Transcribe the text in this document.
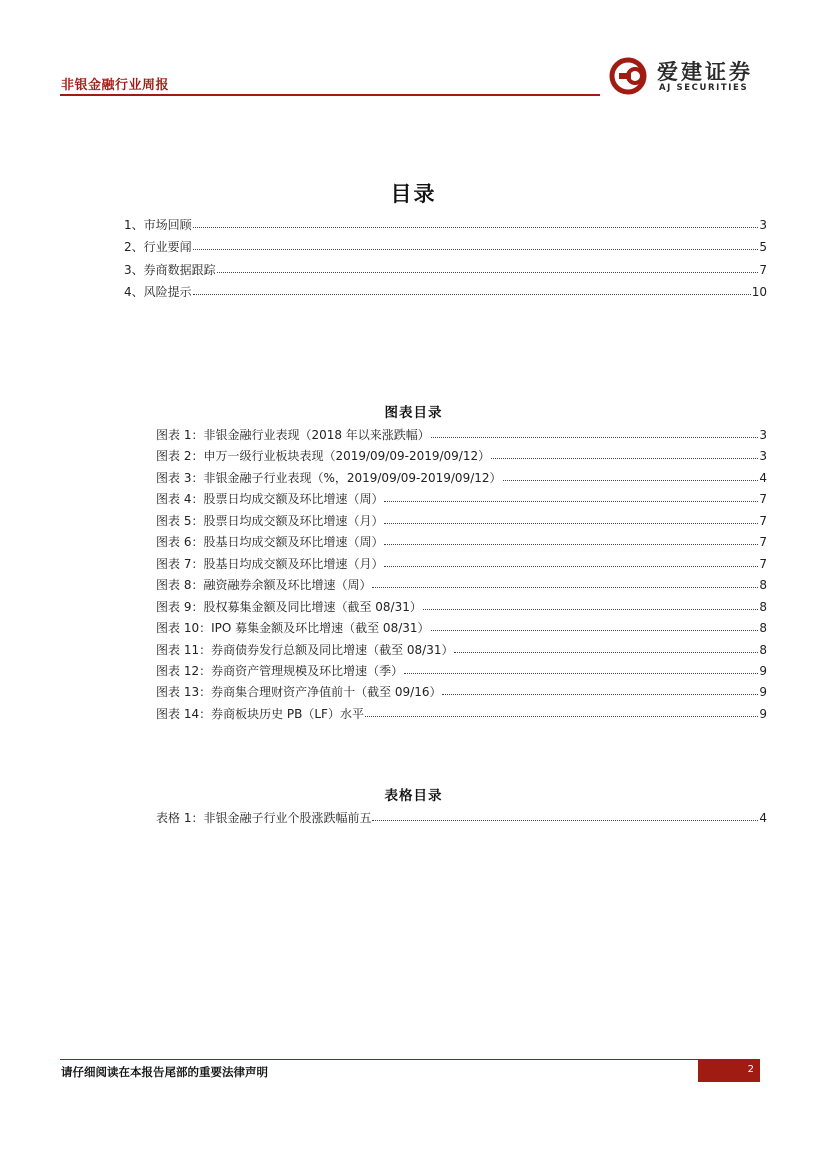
非银金融行业周报
爱建证券
AJ SECURITIES
目录
1、市场回顾	3
2、行业要闻	5
3、券商数据跟踪	7
4、风险提示	10
图表目录
图表 1：非银金融行业表现（2018 年以来涨跌幅）	3
图表 2：申万一级行业板块表现（2019/09/09-2019/09/12）	3
图表 3：非银金融子行业表现（%，2019/09/09-2019/09/12）	4
图表 4：股票日均成交额及环比增速（周）	7
图表 5：股票日均成交额及环比增速（月）	7
图表 6：股基日均成交额及环比增速（周）	7
图表 7：股基日均成交额及环比增速（月）	7
图表 8：融资融券余额及环比增速（周）	8
图表 9：股权募集金额及同比增速（截至 08/31）	8
图表 10：IPO 募集金额及环比增速（截至 08/31）	8
图表 11：券商债券发行总额及同比增速（截至 08/31）	8
图表 12：券商资产管理规模及环比增速（季）	9
图表 13：券商集合理财资产净值前十（截至 09/16）	9
图表 14：券商板块历史 PB（LF）水平	9
表格目录
表格 1：非银金融子行业个股涨跌幅前五	4
请仔细阅读在本报告尾部的重要法律声明	2
